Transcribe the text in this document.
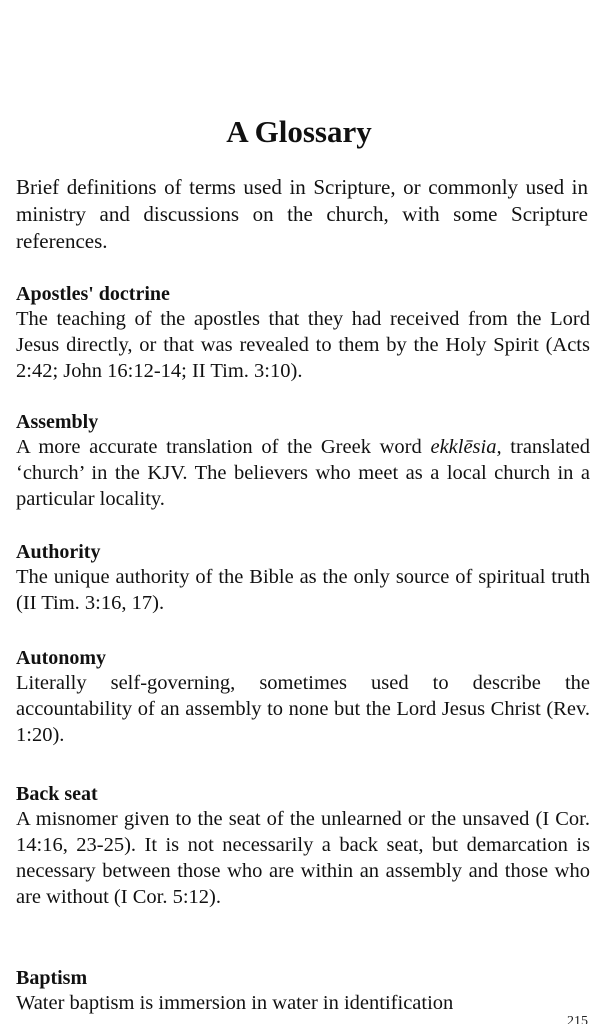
A Glossary

Brief definitions of terms used in Scripture, or commonly used in ministry and discussions on the church, with some Scripture references.

Apostles' doctrine

The teaching of the apostles that they had received from the Lord Jesus directly, or that was revealed to them by the Holy Spirit (Acts 2:42; John 16:12-14; II Tim. 3:10).

Assembly

A more accurate translation of the Greek word ekklēsia, translated ‘church’ in the KJV. The believers who meet as a local church in a particular locality.

Authority

The unique authority of the Bible as the only source of spiritual truth (II Tim. 3:16, 17).

Autonomy

Literally self-governing, sometimes used to describe the accountability of an assembly to none but the Lord Jesus Christ (Rev. 1:20).

Back seat

A misnomer given to the seat of the unlearned or the unsaved (I Cor. 14:16, 23-25). It is not necessarily a back seat, but demarcation is necessary between those who are within an assembly and those who are without (I Cor. 5:12).

Baptism

Water baptism is immersion in water in identification

215
